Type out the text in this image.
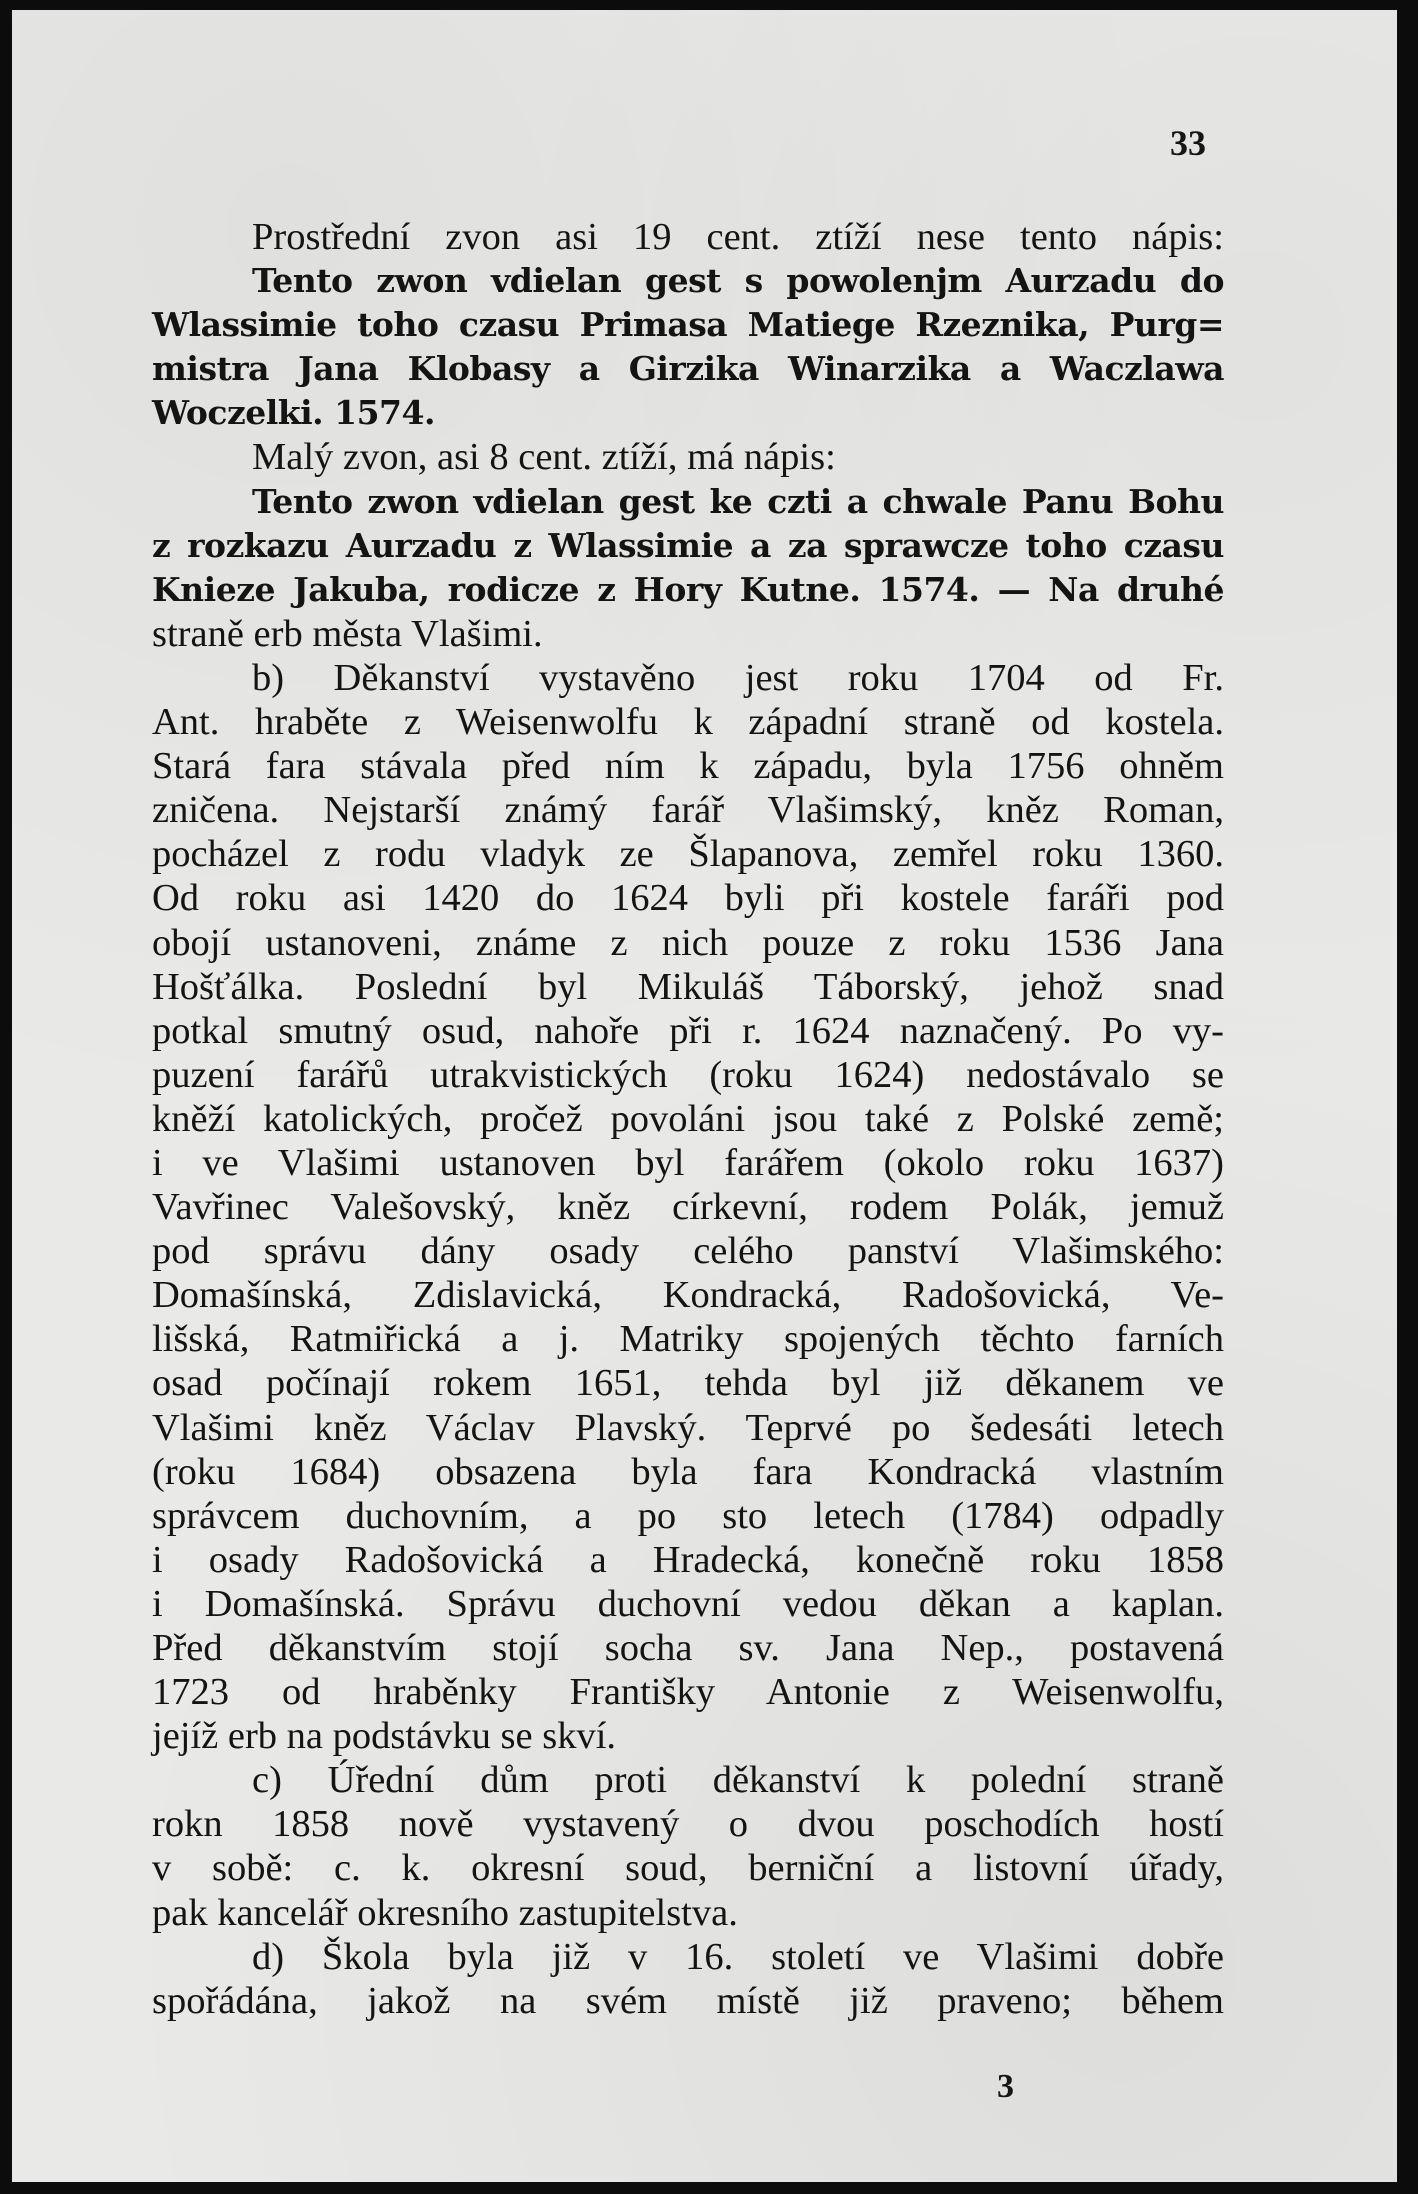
33
Prostřední zvon asi 19 cent. ztíží nese tento nápis:
Tento zwon vdielan gest s powolenjm Aurzadu do
Wlassimie toho czasu Primasa Matiege Rzeznika, Purg=
mistra Jana Klobasy a Girzika Winarzika a Waczlawa
Woczelki. 1574.
Malý zvon, asi 8 cent. ztíží, má nápis:
Tento zwon vdielan gest ke czti a chwale Panu Bohu
z rozkazu Aurzadu z Wlassimie a za sprawcze toho czasu
Knieze Jakuba, rodicze z Hory Kutne. 1574. — Na druhé
straně erb města Vlašimi.
b) Děkanství vystavěno jest roku 1704 od Fr.
Ant. hraběte z Weisenwolfu k západní straně od kostela.
Stará fara stávala před ním k západu, byla 1756 ohněm
zničena. Nejstarší známý farář Vlašimský, kněz Roman,
pocházel z rodu vladyk ze Šlapanova, zemřel roku 1360.
Od roku asi 1420 do 1624 byli při kostele faráři pod
obojí ustanoveni, známe z nich pouze z roku 1536 Jana
Hošťálka. Poslední byl Mikuláš Táborský, jehož snad
potkal smutný osud, nahoře při r. 1624 naznačený. Po vy-
puzení farářů utrakvistických (roku 1624) nedostávalo se
kněží katolických, pročež povoláni jsou také z Polské země;
i ve Vlašimi ustanoven byl farářem (okolo roku 1637)
Vavřinec Valešovský, kněz církevní, rodem Polák, jemuž
pod správu dány osady celého panství Vlašimského:
Domašínská, Zdislavická, Kondracká, Radošovická, Ve-
lišská, Ratmiřická a j. Matriky spojených těchto farních
osad počínají rokem 1651, tehda byl již děkanem ve
Vlašimi kněz Václav Plavský. Teprvé po šedesáti letech
(roku 1684) obsazena byla fara Kondracká vlastním
správcem duchovním, a po sto letech (1784) odpadly
i osady Radošovická a Hradecká, konečně roku 1858
i Domašínská. Správu duchovní vedou děkan a kaplan.
Před děkanstvím stojí socha sv. Jana Nep., postavená
1723 od hraběnky Františky Antonie z Weisenwolfu,
jejíž erb na podstávku se skví.
c) Úřední dům proti děkanství k polední straně
rokn 1858 nově vystavený o dvou poschodích hostí
v sobě: c. k. okresní soud, berniční a listovní úřady,
pak kancelář okresního zastupitelstva.
d) Škola byla již v 16. století ve Vlašimi dobře
spořádána, jakož na svém místě již praveno; během
3
